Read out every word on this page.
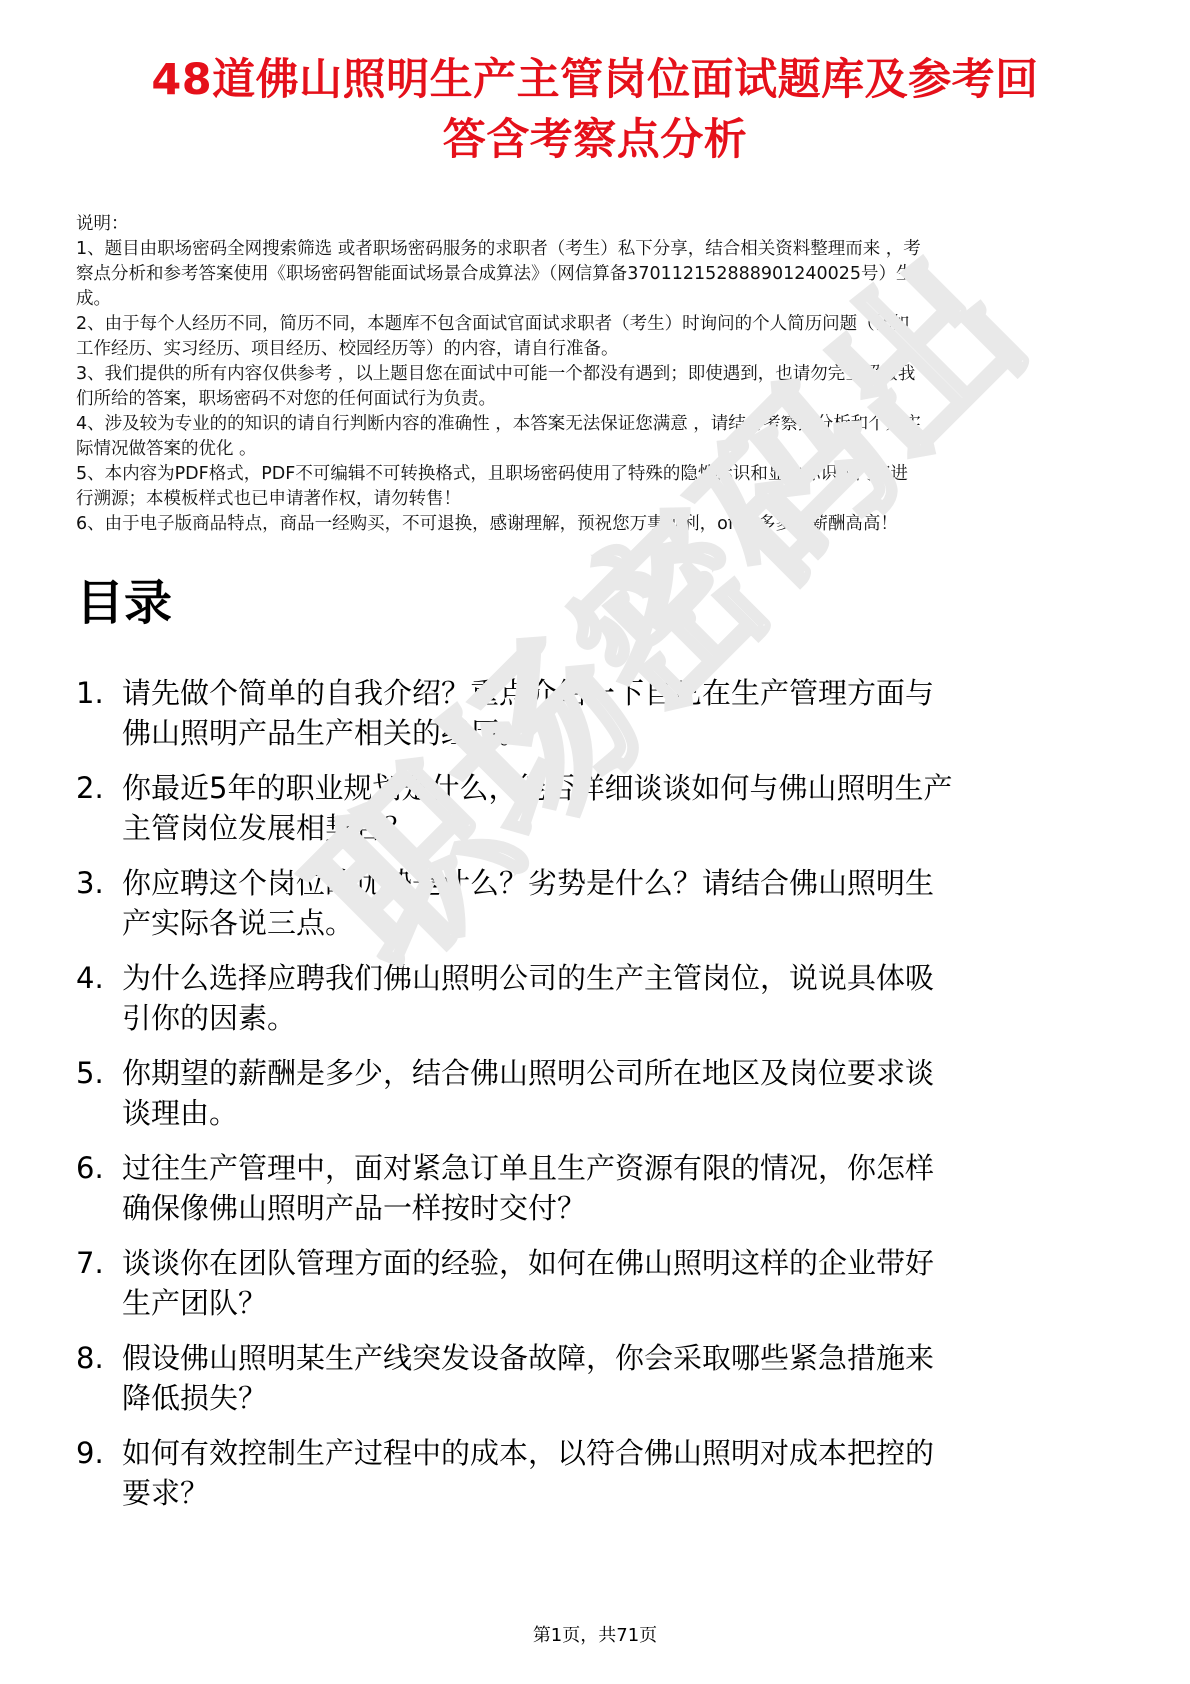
职场密码出品
48道佛山照明生产主管岗位面试题库及参考回
答含考察点分析
说明：
1、题目由职场密码全网搜索筛选 或者职场密码服务的求职者（考生）私下分享，结合相关资料整理而来 ，考
察点分析和参考答案使用《职场密码智能面试场景合成算法》（网信算备370112152888901240025号）生
成。
2、由于每个人经历不同，简历不同，本题库不包含面试官面试求职者（考生）时询问的个人简历问题（比如
工作经历、实习经历、项目经历、校园经历等）的内容，请自行准备。
3、我们提供的所有内容仅供参考 ，以上题目您在面试中可能一个都没有遇到；即使遇到，也请勿完全照搬我
们所给的答案，职场密码不对您的任何面试行为负责。
4、涉及较为专业的的知识的请自行判断内容的准确性 ，本答案无法保证您满意 ，请结合考察点分析和个人实
际情况做答案的优化 。
5、本内容为PDF格式，PDF不可编辑不可转换格式，且职场密码使用了特殊的隐性标识和显性标识对内容进
行溯源；本模板样式也已申请著作权，请勿转售！
6、由于电子版商品特点，商品一经购买，不可退换，感谢理解，预祝您万事顺利，offer多多，薪酬高高！
目录
1. 请先做个简单的自我介绍？重点介绍一下自己在生产管理方面与
佛山照明产品生产相关的经历。
2. 你最近5年的职业规划是什么，能否详细谈谈如何与佛山照明生产
主管岗位发展相契合？
3. 你应聘这个岗位的优势是什么？劣势是什么？请结合佛山照明生
产实际各说三点。
4. 为什么选择应聘我们佛山照明公司的生产主管岗位，说说具体吸
引你的因素。
5. 你期望的薪酬是多少，结合佛山照明公司所在地区及岗位要求谈
谈理由。
6. 过往生产管理中，面对紧急订单且生产资源有限的情况，你怎样
确保像佛山照明产品一样按时交付？
7. 谈谈你在团队管理方面的经验，如何在佛山照明这样的企业带好
生产团队？
8. 假设佛山照明某生产线突发设备故障，你会采取哪些紧急措施来
降低损失？
9. 如何有效控制生产过程中的成本，以符合佛山照明对成本把控的
要求？
第1页，共71页
